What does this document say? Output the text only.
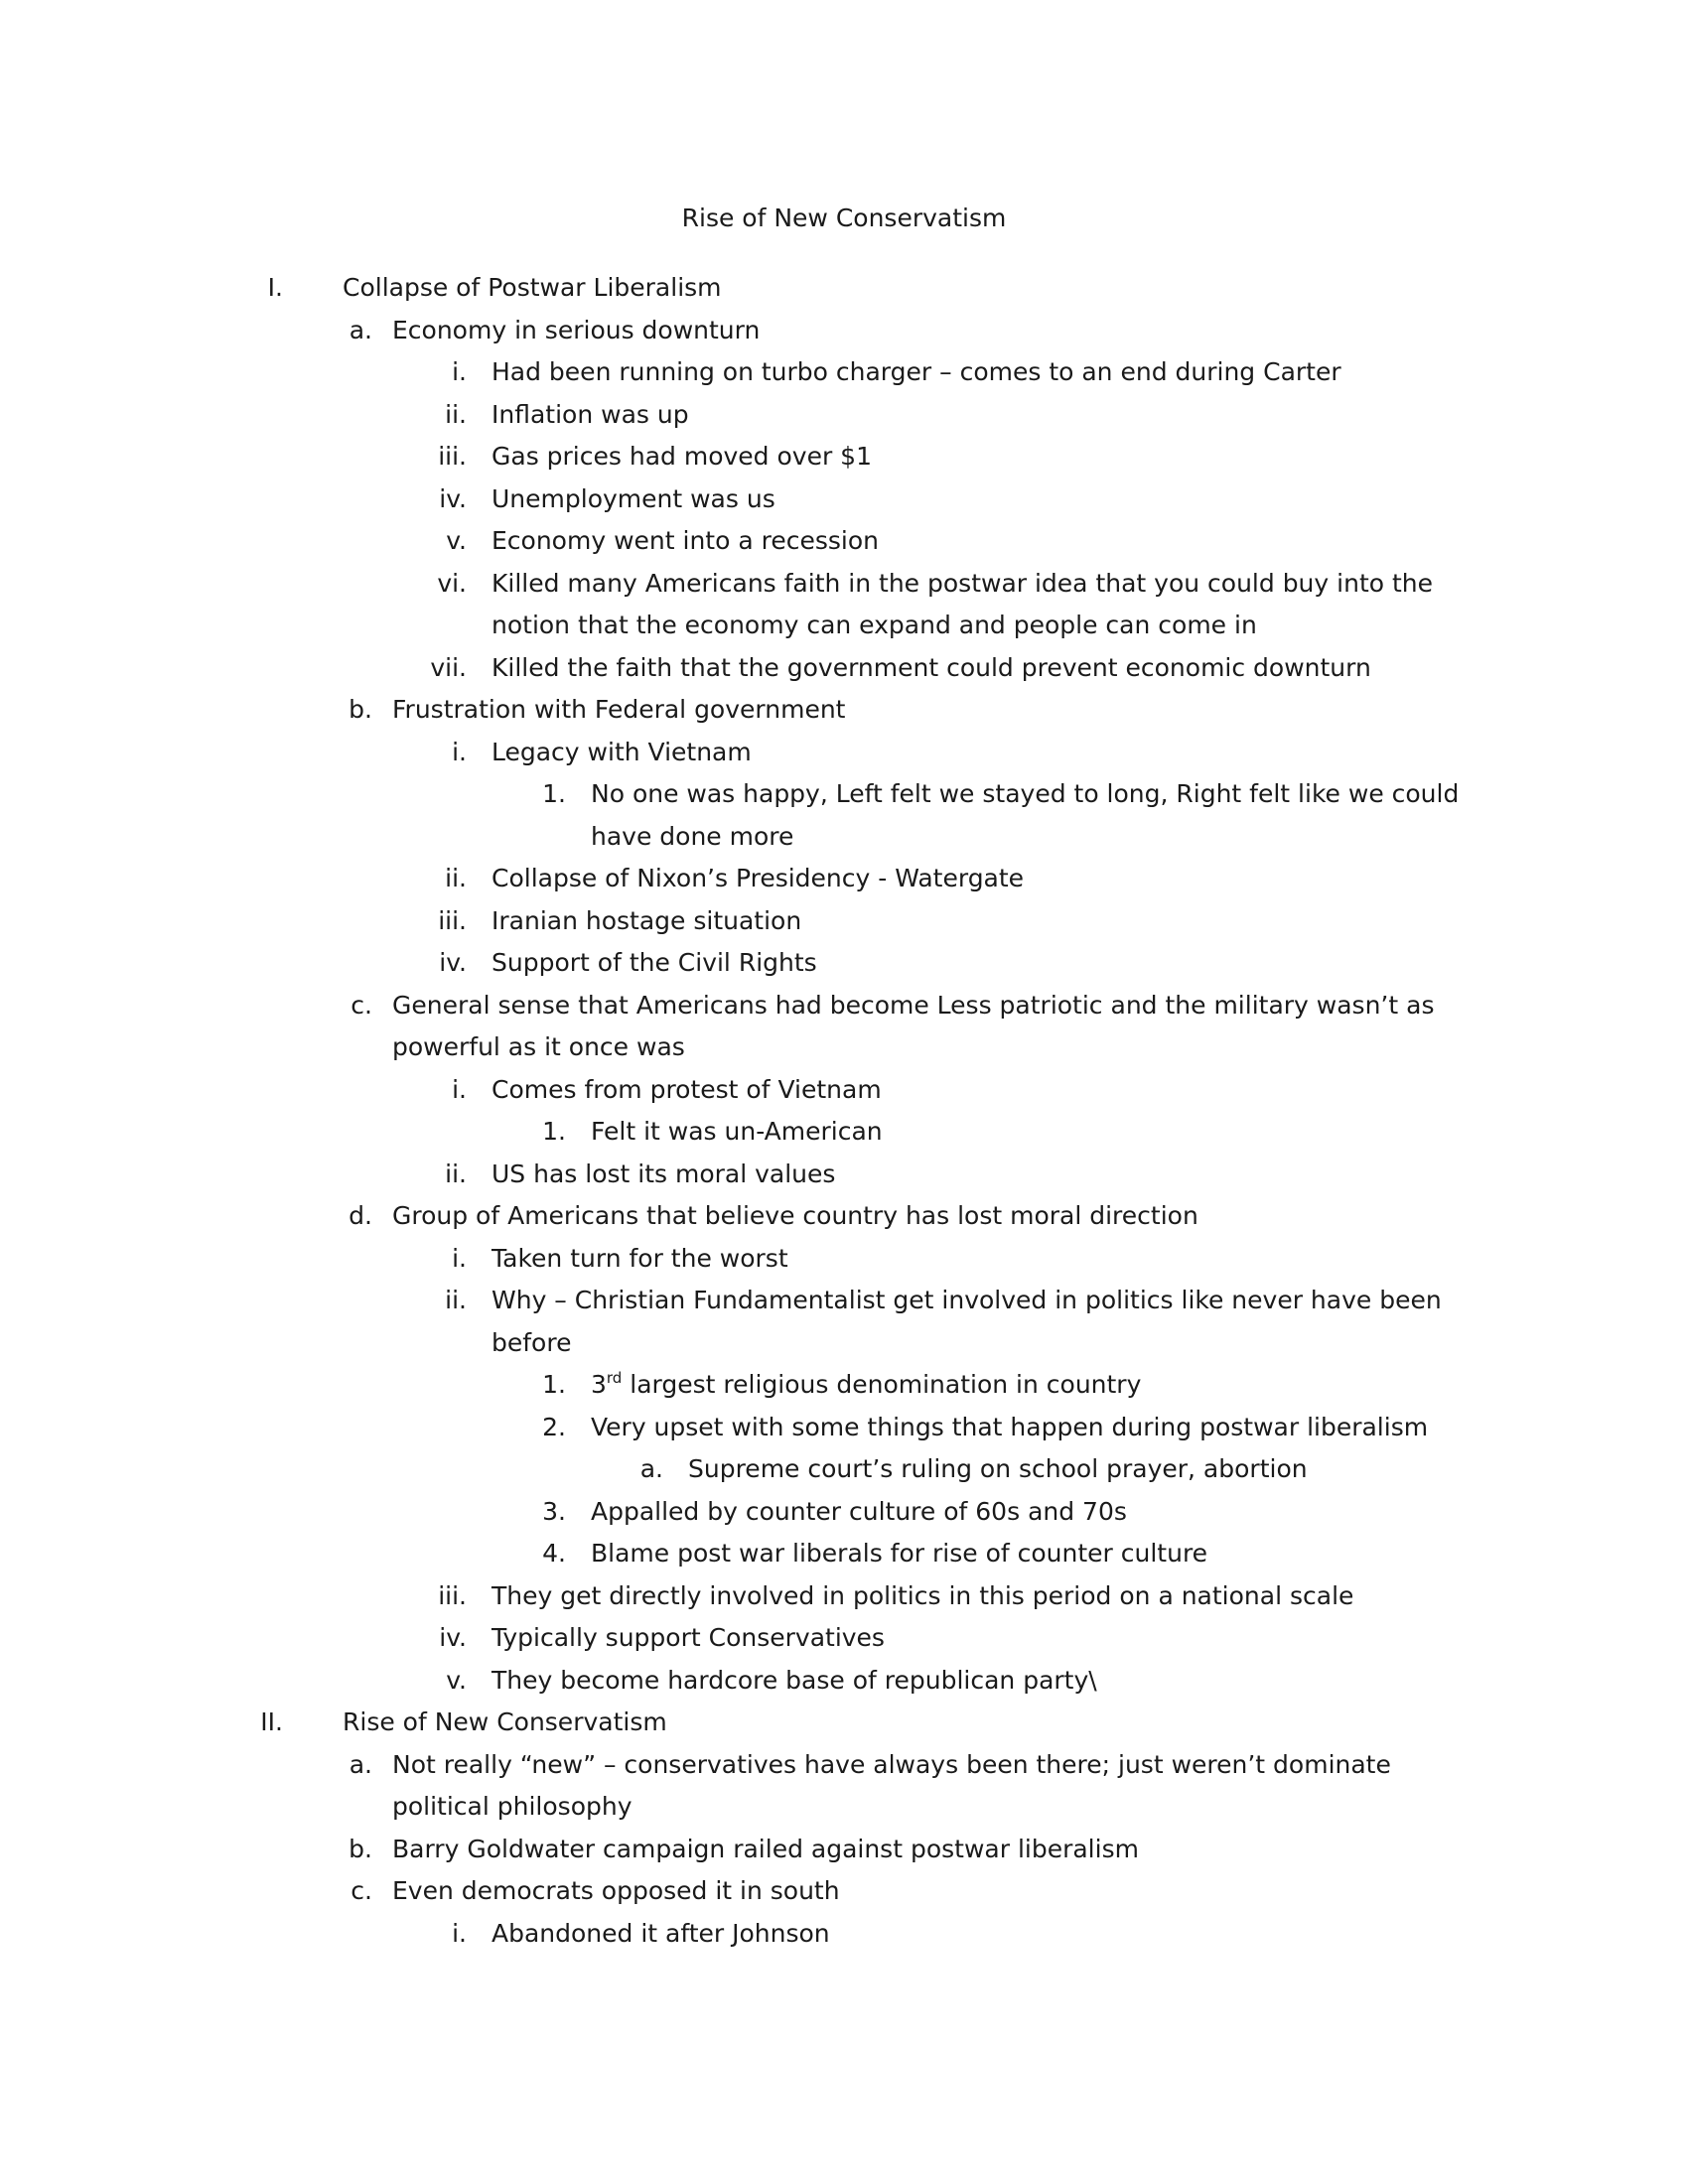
Rise of New Conservatism
I. Collapse of Postwar Liberalism
a. Economy in serious downturn
i. Had been running on turbo charger – comes to an end during Carter
ii. Inflation was up
iii. Gas prices had moved over $1
iv. Unemployment was us
v. Economy went into a recession
vi. Killed many Americans faith in the postwar idea that you could buy into the
notion that the economy can expand and people can come in
vii. Killed the faith that the government could prevent economic downturn
b. Frustration with Federal government
i. Legacy with Vietnam
1. No one was happy, Left felt we stayed to long, Right felt like we could
have done more
ii. Collapse of Nixon’s Presidency - Watergate
iii. Iranian hostage situation
iv. Support of the Civil Rights
c. General sense that Americans had become Less patriotic and the military wasn’t as
powerful as it once was
i. Comes from protest of Vietnam
1. Felt it was un-American
ii. US has lost its moral values
d. Group of Americans that believe country has lost moral direction
i. Taken turn for the worst
ii. Why – Christian Fundamentalist get involved in politics like never have been
before
1. 3rd largest religious denomination in country
2. Very upset with some things that happen during postwar liberalism
a. Supreme court’s ruling on school prayer, abortion
3. Appalled by counter culture of 60s and 70s
4. Blame post war liberals for rise of counter culture
iii. They get directly involved in politics in this period on a national scale
iv. Typically support Conservatives
v. They become hardcore base of republican party\
II. Rise of New Conservatism
a. Not really “new” – conservatives have always been there; just weren’t dominate
political philosophy
b. Barry Goldwater campaign railed against postwar liberalism
c. Even democrats opposed it in south
i. Abandoned it after Johnson
